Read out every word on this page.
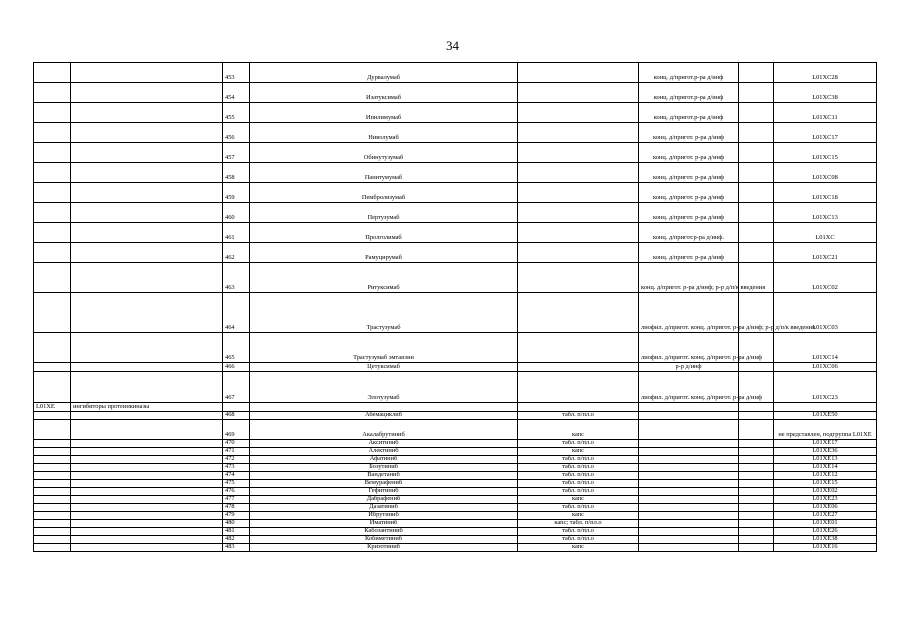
34
		453	Дурвалумаб		конц. д/пригот.р-ра д/инф		L01XC28
		454	Изатуксимаб		конц. д/пригот.р-ра д/инф		L01XC38
		455	Ипилимумаб		конц. д/пригот.р-ра д/инф		L01XC11
		456	Ниволумаб		конц. д/пригот. р-ра д/инф		L01XC17
		457	Обинутузумаб		конц. д/пригот. р-ра д/инф		L01XC15
		458	Панитумумаб		конц. д/пригот. р-ра д/инф		L01XC08
		459	Пембролизумаб		конц. д/пригот. р-ра д/инф		L01XC18
		460	Пертузумаб		конц. д/пригот. р-ра д/инф		L01XC13
		461	Пролголимаб		конц. д/пригот.р-ра д/инф.		L01XC
		462	Рамуцирумаб		конц. д/пригот. р-ра д/инф		L01XC21
		463	Ритуксимаб		конц. д/пригот. р-ра д/инф; р-р д/п/к введения		L01XC02
		464	Трастузумаб		лиофил. д/пригот. конц. д/пригот. р-ра д/инф; р-р д/п/к введения		L01XC03
		465	Трастузумаб эмтанзин		лиофил. д/пригот. конц. д/пригот. р-ра д/инф		L01XC14
		466	Цетуксимаб		р-р д/инф		L01XC06
		467	Элотузумаб		лиофил. д/пригот. конц. д/пригот. р-ра д/инф		L01XC23
L01XE	ингибиторы протеинкиназы						
		468	Абемациклиб	табл. п/пл.о			L01XE50
		469	Акалабрутиниб	капс			не представлен, подгруппа L01XE
		470	Акситиниб	табл. п/пл.о			L01XE17
		471	Алектиниб	капс			L01XE36
		472	Афатиниб	табл. п/пл.о			L01XE13
		473	Бозутиниб	табл. п/пл.о			L01XE14
		474	Вандетаниб	табл. п/пл.о			L01XE12
		475	Вемурафениб	табл. п/пл.о			L01XE15
		476	Гефитиниб	табл. п/пл.о			L01XE02
		477	Дабрафениб	капс			L01XE23
		478	Дазатиниб	табл. п/пл.о			L01XE06
		479	Ибрутиниб	капс			L01XE27
		480	Иматиниб	капс; табл. п/пл.о			L01XE01
		481	Кабозантиниб	табл. п/пл.о			L01XE26
		482	Кобиметиниб	табл. п/пл.о			L01XE38
		483	Кризотиниб	капс			L01XE16
